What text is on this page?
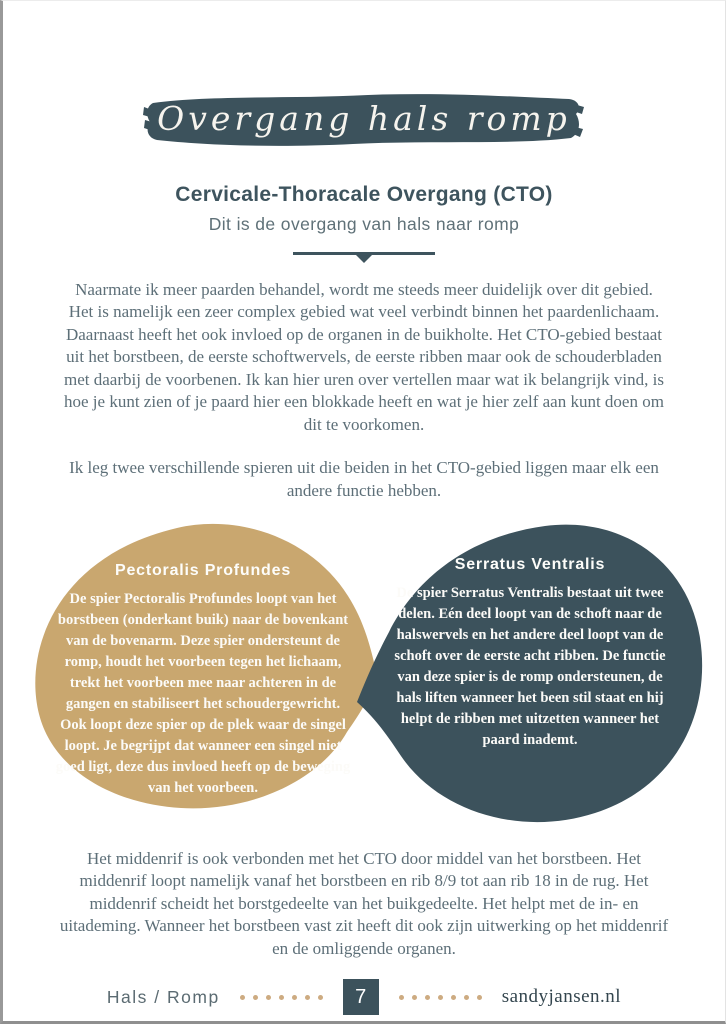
Overgang hals romp
Cervicale-Thoracale Overgang (CTO)
Dit is de overgang van hals naar romp

Naarmate ik meer paarden behandel, wordt me steeds meer duidelijk over dit gebied. Het is namelijk een zeer complex gebied wat veel verbindt binnen het paardenlichaam. Daarnaast heeft het ook invloed op de organen in de buikholte. Het CTO-gebied bestaat uit het borstbeen, de eerste schoftwervels, de eerste ribben maar ook de schouderbladen met daarbij de voorbenen. Ik kan hier uren over vertellen maar wat ik belangrijk vind, is hoe je kunt zien of je paard hier een blokkade heeft en wat je hier zelf aan kunt doen om dit te voorkomen.

Ik leg twee verschillende spieren uit die beiden in het CTO-gebied liggen maar elk een andere functie hebben.

Pectoralis Profundes
De spier Pectoralis Profundes loopt van het borstbeen (onderkant buik) naar de bovenkant van de bovenarm. Deze spier ondersteunt de romp, houdt het voorbeen tegen het lichaam, trekt het voorbeen mee naar achteren in de gangen en stabiliseert het schoudergewricht. Ook loopt deze spier op de plek waar de singel loopt. Je begrijpt dat wanneer een singel niet goed ligt, deze dus invloed heeft op de beweging van het voorbeen.
Serratus Ventralis
De spier Serratus Ventralis bestaat uit twee delen. Eén deel loopt van de schoft naar de halswervels en het andere deel loopt van de schoft over de eerste acht ribben. De functie van deze spier is de romp ondersteunen, de hals liften wanneer het been stil staat en hij helpt de ribben met uitzetten wanneer het paard inademt.

Het middenrif is ook verbonden met het CTO door middel van het borstbeen. Het middenrif loopt namelijk vanaf het borstbeen en rib 8/9 tot aan rib 18 in de rug. Het middenrif scheidt het borstgedeelte van het buikgedeelte. Het helpt met de in- en uitademing. Wanneer het borstbeen vast zit heeft dit ook zijn uitwerking op het middenrif en de omliggende organen.

Hals / Romp	7	sandyjansen.nl
